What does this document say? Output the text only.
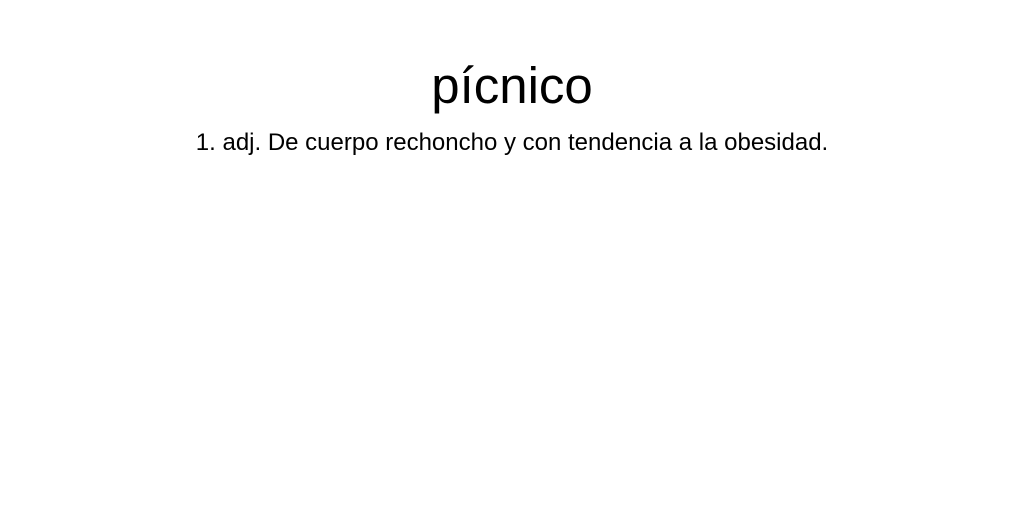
pícnico

1. adj. De cuerpo rechoncho y con tendencia a la obesidad.
